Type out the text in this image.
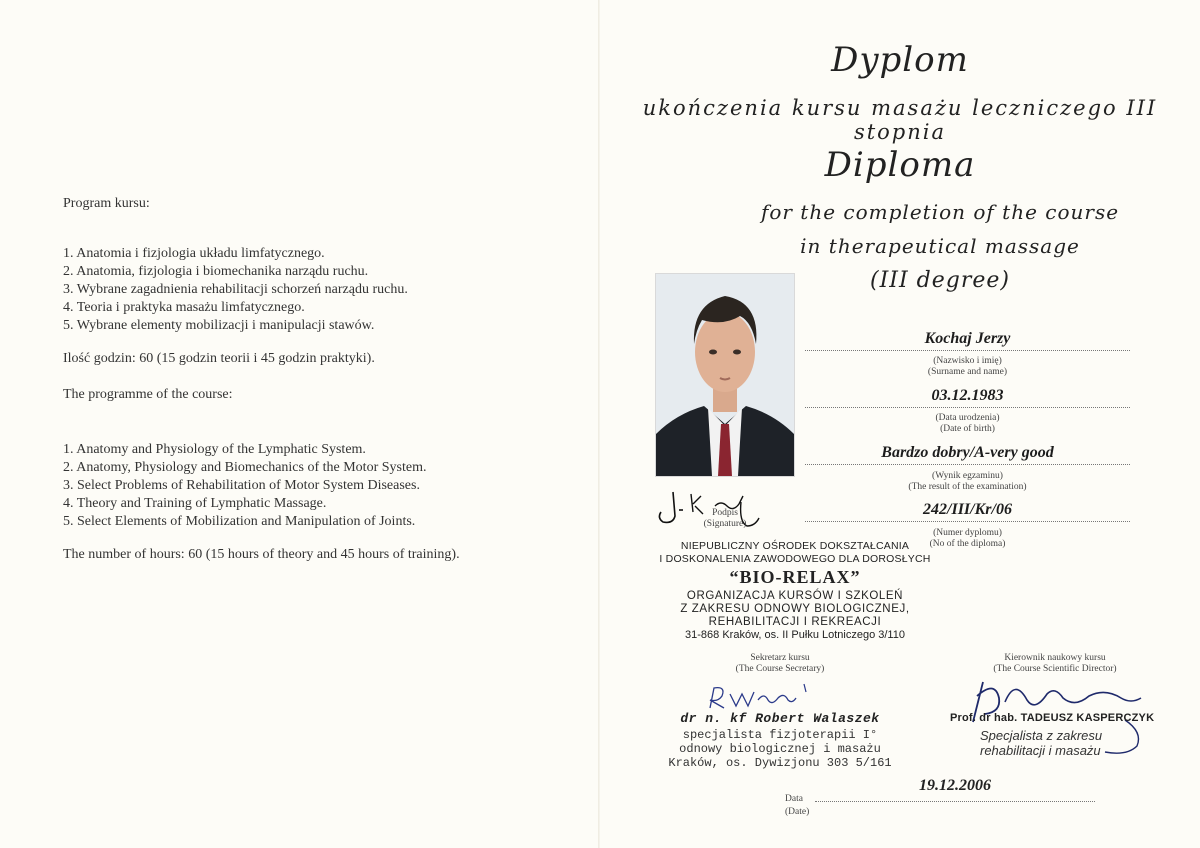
Program kursu:
1. Anatomia i fizjologia układu limfatycznego.
2. Anatomia, fizjologia i biomechanika narządu ruchu.
3. Wybrane zagadnienia rehabilitacji schorzeń narządu ruchu.
4. Teoria i praktyka masażu limfatycznego.
5. Wybrane elementy mobilizacji i manipulacji stawów.
Ilość godzin: 60 (15 godzin teorii i 45 godzin praktyki).
The programme of the course:
1. Anatomy and Physiology of the Lymphatic System.
2. Anatomy, Physiology and Biomechanics of the Motor System.
3. Select Problems of Rehabilitation of Motor System Diseases.
4. Theory and Training of Lymphatic Massage.
5. Select Elements of Mobilization and Manipulation of Joints.
The number of hours: 60 (15 hours of theory and 45 hours of training).
Dyplom
ukończenia kursu masażu leczniczego III stopnia
Diploma
for the completion of the course
in therapeutical massage
(III degree)
Kochaj Jerzy
(Nazwisko i imię)
(Surname and name)
03.12.1983
(Data urodzenia)
(Date of birth)
Bardzo dobry/A-very good
(Wynik egzaminu)
(The result of the examination)
242/III/Kr/06
(Numer dyplomu)
(No of the diploma)
Podpis
(Signature)
NIEPUBLICZNY OŚRODEK DOKSZTAŁCANIA
I DOSKONALENIA ZAWODOWEGO DLA DOROSŁYCH
“BIO-RELAX”
ORGANIZACJA KURSÓW I SZKOLEŃ
Z ZAKRESU ODNOWY BIOLOGICZNEJ,
REHABILITACJI I REKREACJI
31-868 Kraków, os. II Pułku Lotniczego 3/110
Sekretarz kursu
(The Course Secretary)
dr n. kf Robert Walaszek
specjalista fizjoterapii I°
odnowy biologicznej i masażu
Kraków, os. Dywizjonu 303 5/161
Kierownik naukowy kursu
(The Course Scientific Director)
Prof. dr hab. TADEUSZ KASPERCZYK
Specjalista z zakresu
rehabilitacji i masażu
19.12.2006
Data
(Date)
